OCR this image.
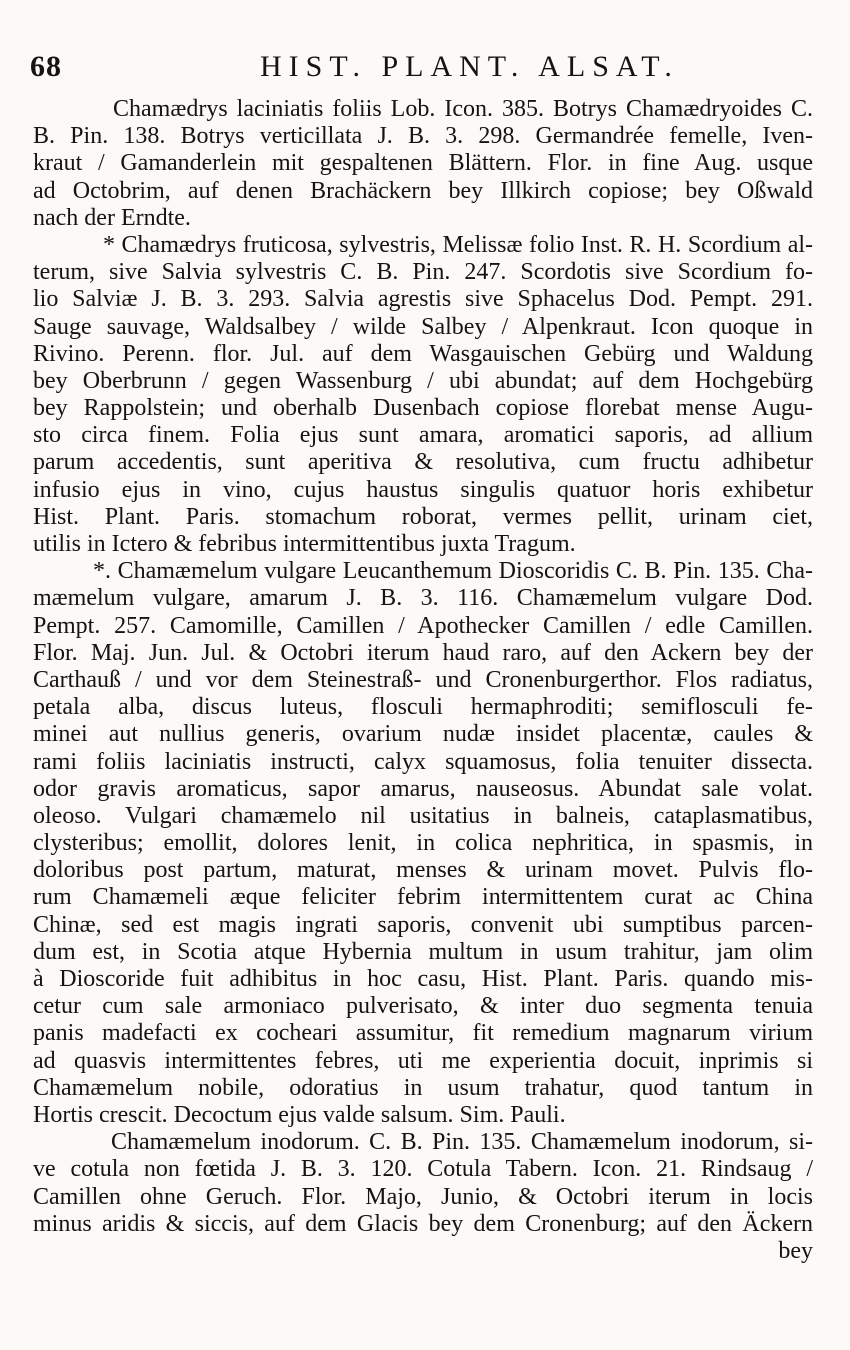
68	HIST. PLANT. ALSAT.
Chamædrys laciniatis foliis Lob. Icon. 385. Botrys Chamædryoides C.
B. Pin. 138. Botrys verticillata J. B. 3. 298. Germandrée femelle, Iven-
kraut / Gamanderlein mit gespaltenen Blättern. Flor. in fine Aug. usque
ad Octobrim, auf denen Brachäckern bey Illkirch copiose; bey Oßwald
nach der Erndte.
* Chamædrys fruticosa, sylvestris, Melissæ folio Inst. R. H. Scordium al-
terum, sive Salvia sylvestris C. B. Pin. 247. Scordotis sive Scordium fo-
lio Salviæ J. B. 3. 293. Salvia agrestis sive Sphacelus Dod. Pempt. 291.
Sauge sauvage, Waldsalbey / wilde Salbey / Alpenkraut. Icon quoque in
Rivino. Perenn. flor. Jul. auf dem Wasgauischen Gebürg und Waldung
bey Oberbrunn / gegen Wassenburg / ubi abundat; auf dem Hochgebürg
bey Rappolstein; und oberhalb Dusenbach copiose florebat mense Augu-
sto circa finem. Folia ejus sunt amara, aromatici saporis, ad allium
parum accedentis, sunt aperitiva & resolutiva, cum fructu adhibetur
infusio ejus in vino, cujus haustus singulis quatuor horis exhibetur
Hist. Plant. Paris. stomachum roborat, vermes pellit, urinam ciet,
utilis in Ictero & febribus intermittentibus juxta Tragum.
*. Chamæmelum vulgare Leucanthemum Dioscoridis C. B. Pin. 135. Cha-
mæmelum vulgare, amarum J. B. 3. 116. Chamæmelum vulgare Dod.
Pempt. 257. Camomille, Camillen / Apothecker Camillen / edle Camillen.
Flor. Maj. Jun. Jul. & Octobri iterum haud raro, auf den Ackern bey der
Carthauß / und vor dem Steinestraß- und Cronenburgerthor. Flos radiatus,
petala alba, discus luteus, flosculi hermaphroditi; semiflosculi fe-
minei aut nullius generis, ovarium nudæ insidet placentæ, caules &
rami foliis laciniatis instructi, calyx squamosus, folia tenuiter dissecta.
odor gravis aromaticus, sapor amarus, nauseosus. Abundat sale volat.
oleoso. Vulgari chamæmelo nil usitatius in balneis, cataplasmatibus,
clysteribus; emollit, dolores lenit, in colica nephritica, in spasmis, in
doloribus post partum, maturat, menses & urinam movet. Pulvis flo-
rum Chamæmeli æque feliciter febrim intermittentem curat ac China
Chinæ, sed est magis ingrati saporis, convenit ubi sumptibus parcen-
dum est, in Scotia atque Hybernia multum in usum trahitur, jam olim
à Dioscoride fuit adhibitus in hoc casu, Hist. Plant. Paris. quando mis-
cetur cum sale armoniaco pulverisato, & inter duo segmenta tenuia
panis madefacti ex cocheari assumitur, fit remedium magnarum virium
ad quasvis intermittentes febres, uti me experientia docuit, inprimis si
Chamæmelum nobile, odoratius in usum trahatur, quod tantum in
Hortis crescit. Decoctum ejus valde salsum. Sim. Pauli.
Chamæmelum inodorum. C. B. Pin. 135. Chamæmelum inodorum, si-
ve cotula non fœtida J. B. 3. 120. Cotula Tabern. Icon. 21. Rindsaug /
Camillen ohne Geruch. Flor. Majo, Junio, & Octobri iterum in locis
minus aridis & siccis, auf dem Glacis bey dem Cronenburg; auf den Äckern
bey
